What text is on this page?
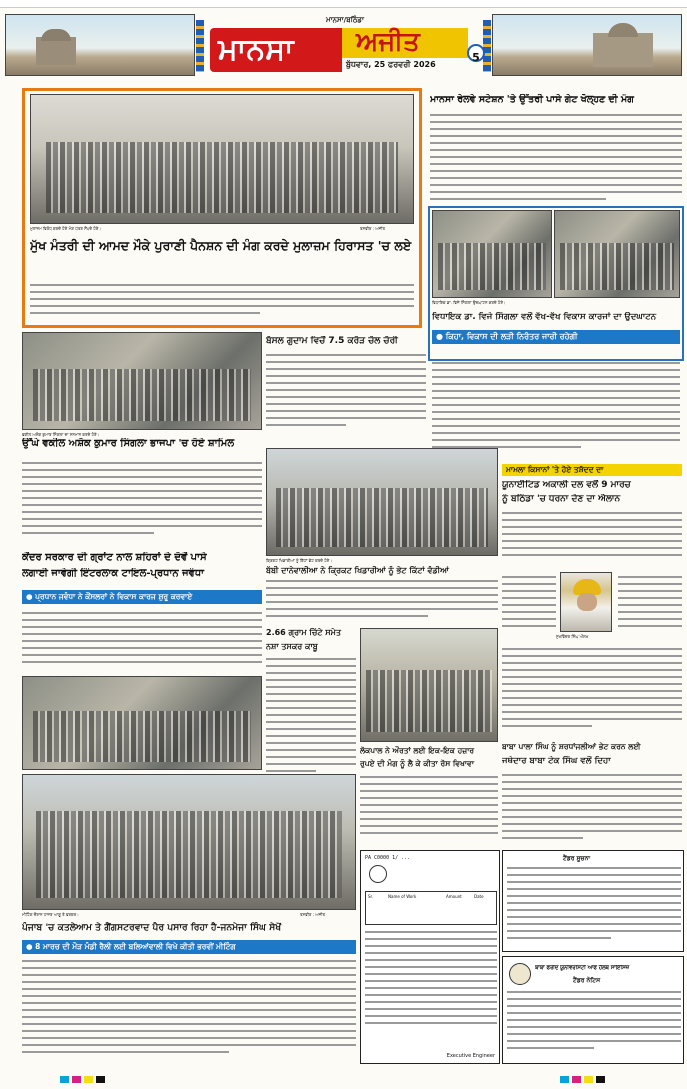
ਮਾਨਸਾ/ਬਠਿੰਡਾ
ਮਾਨਸਾ ਅਜੀਤ
ਬੁੱਧਵਾਰ, 25 ਫਰਵਰੀ 2026
5
ਮੁਲਾਜ਼ਮ ਵਿਰੋਧ ਕਰਦੇ ਹੋਏ ਮੰਗ ਪੱਤਰ ਸੌਂਪਦੇ ਹੋਏ।	ਤਸਵੀਰ : ਅਜੀਤ
ਮੁੱਖ ਮੰਤਰੀ ਦੀ ਆਮਦ ਮੌਕੇ ਪੁਰਾਣੀ ਪੈਨਸ਼ਨ ਦੀ ਮੰਗ ਕਰਦੇ ਮੁਲਾਜ਼ਮ ਹਿਰਾਸਤ 'ਚ ਲਏ
ਮਾਨਸਾ ਰੇਲਵੇ ਸਟੇਸ਼ਨ 'ਤੇ ਉੱਤਰੀ ਪਾਸੇ ਗੇਟ ਖੋਲ੍ਹਣ ਦੀ ਮੰਗ
ਵਿਧਾਇਕ ਡਾ. ਵਿਜੇ ਸਿੰਗਲਾ ਉਦਘਾਟਨ ਕਰਦੇ ਹੋਏ।
ਵਿਧਾਇਕ ਡਾ. ਵਿਜੇ ਸਿੰਗਲਾ ਵਲੋਂ ਵੱਖ-ਵੱਖ ਵਿਕਾਸ ਕਾਰਜਾਂ ਦਾ ਉਦਘਾਟਨ
● ਕਿਹਾ, ਵਿਕਾਸ ਦੀ ਲੜੀ ਨਿਰੰਤਰ ਜਾਰੀ ਰਹੇਗੀ
ਬੱਸਲ ਗੁਦਾਮ ਵਿਚੋਂ 7.5 ਕਰੋੜ ਚੋਲ ਚੋਰੀ
ਵਕੀਲ ਅਸ਼ੋਕ ਕੁਮਾਰ ਸਿੰਗਲਾ ਦਾ ਸਨਮਾਨ ਕਰਦੇ ਹੋਏ।
ਉੱਘੇ ਵਕੀਲ ਅਸ਼ੋਕ ਕੁਮਾਰ ਸਿੰਗਲਾ ਭਾਜਪਾ 'ਚ ਹੋਏ ਸ਼ਾਮਿਲ
ਕ੍ਰਿਕਟ ਖਿਡਾਰੀਆਂ ਨੂੰ ਕਿੱਟਾਂ ਭੇਟ ਕਰਦੇ ਹੋਏ।
ਬੱਬੀ ਦਾਨੇਵਾਲੀਆ ਨੇ ਕ੍ਰਿਕਟ ਖਿਡਾਰੀਆਂ ਨੂੰ ਭੇਟ ਕਿੱਟਾਂ ਵੰਡੀਆਂ
ਮਾਮਲਾ ਕਿਸਾਨਾਂ 'ਤੇ ਹੋਏ ਤਸ਼ੱਦਦ ਦਾ
ਯੂਨਾਈਟਿਡ ਅਕਾਲੀ ਦਲ ਵਲੋਂ 9 ਮਾਰਚ
ਨੂੰ ਬਠਿੰਡਾ 'ਚ ਧਰਨਾ ਦੇਣ ਦਾ ਐਲਾਨ
ਸੁਖਵਿੰਦਰ ਸਿੰਘ ਔਲਖ
ਕੇਂਦਰ ਸਰਕਾਰ ਦੀ ਗ੍ਰਾਂਟ ਨਾਲ ਸ਼ਹਿਰਾਂ ਦੇ ਦੋਵੇਂ ਪਾਸੇ
ਲਗਾਈ ਜਾਵੇਗੀ ਇੰਟਰਲਾਕ ਟਾਇਲ-ਪ੍ਰਧਾਨ ਜਵੰਧਾ
● ਪ੍ਰਧਾਨ ਜਵੰਧਾ ਨੇ ਕੌਂਸਲਰਾਂ ਨੇ ਵਿਕਾਸ ਕਾਰਜ ਸ਼ੁਰੂ ਕਰਵਾਏ
2.66 ਗ੍ਰਾਮ ਚਿੱਟੇ ਸਮੇਤ
ਨਸ਼ਾ ਤਸਕਰ ਕਾਬੂ
ਲੋਕਪਾਲ ਨੇ ਔਰਤਾਂ ਲਈ ਇਕ-ਇਕ ਹਜ਼ਾਰ
ਰੁਪਏ ਦੀ ਮੰਗ ਨੂੰ ਲੈ ਕੇ ਕੀਤਾ ਰੋਸ ਵਿਖਾਵਾ
ਬਾਬਾ ਪਾਲਾ ਸਿੰਘ ਨੂੰ ਸ਼ਰਧਾਂਜਲੀਆਂ ਭੇਟ ਕਰਨ ਲਈ
ਜਥੇਦਾਰ ਬਾਬਾ ਟੇਕ ਸਿੰਘ ਵਲੋਂ ਦਿਹਾ
ਮੀਟਿੰਗ ਦੌਰਾਨ ਹਾਜ਼ਰ ਆਗੂ ਤੇ ਵਰਕਰ।	ਤਸਵੀਰ : ਅਜੀਤ
ਪੰਜਾਬ 'ਚ ਕਤਲੇਆਮ ਤੇ ਗੈਂਗਸਟਰਵਾਦ ਪੈਰ ਪਸਾਰ ਰਿਹਾ ਹੈ-ਜਨਮੇਜਾ ਸਿੰਘ ਸੇਖੋਂ
● 8 ਮਾਰਚ ਦੀ ਮੌੜ ਮੰਡੀ ਰੈਲੀ ਲਈ ਬਲਿਆਂਵਾਲੀ ਵਿਖੇ ਕੀਤੀ ਭਰਵੀਂ ਮੀਟਿੰਗ
PA C0000 1/ ...
Sr.	Name of Work	Amount	Date
Executive Engineer
ਟੈਂਡਰ ਸੂਚਨਾ
ਬਾਬਾ ਫਰੀਦ ਯੂਨੀਵਰਸਿਟੀ ਆਫ ਹੈਲਥ ਸਾਇੰਸਿਜ਼
ਟੈਂਡਰ ਨੋਟਿਸ
